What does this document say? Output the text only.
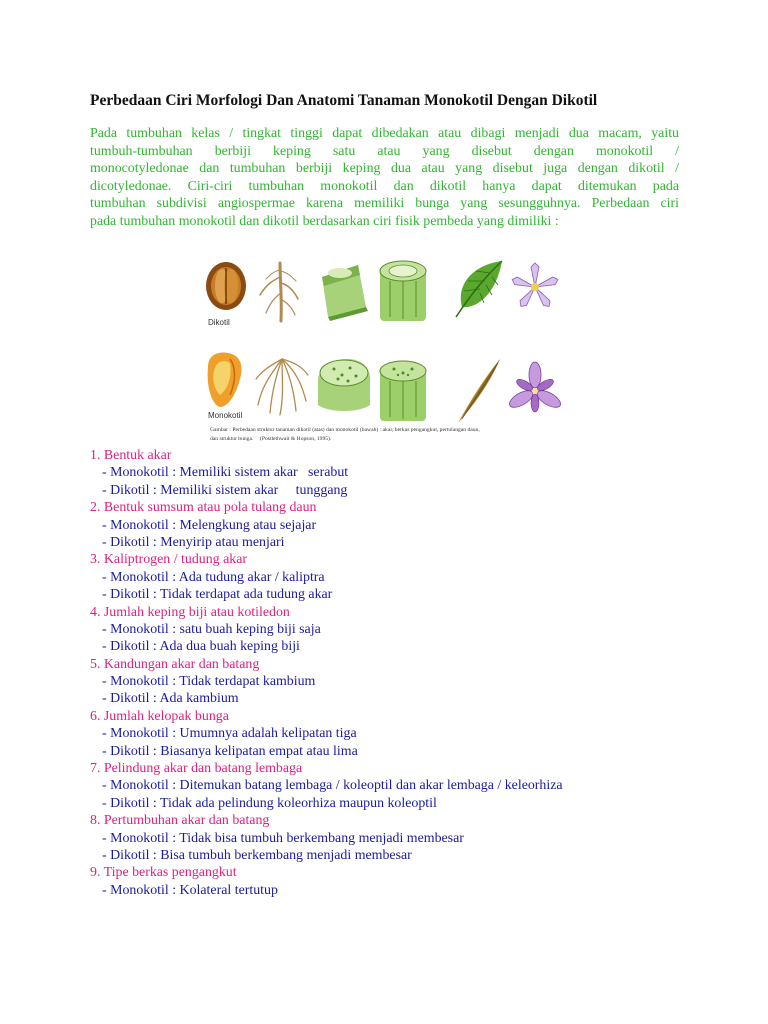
Perbedaan Ciri Morfologi Dan Anatomi Tanaman Monokotil Dengan Dikotil
Pada tumbuhan kelas / tingkat tinggi dapat dibedakan atau dibagi menjadi dua macam, yaitu
tumbuh-tumbuhan berbiji keping satu atau yang disebut dengan monokotil /
monocotyledonae dan tumbuhan berbiji keping dua atau yang disebut juga dengan dikotil /
dicotyledonae. Ciri-ciri tumbuhan monokotil dan dikotil hanya dapat ditemukan pada
tumbuhan subdivisi angiospermae karena memiliki bunga yang sesungguhnya. Perbedaan ciri
pada tumbuhan monokotil dan dikotil berdasarkan ciri fisik pembeda yang dimiliki :
Dikotil
Monokotil
Gambar : Perbedaan struktur tanaman dikotil (atas) dan monokotil (bawah) : akar, berkas pengangkut, pertulangan daun,
dan struktur bunga. (Postlethwait & Hopson, 1995).
1. Bentuk akar
- Monokotil : Memiliki sistem akar   serabut
- Dikotil : Memiliki sistem akar     tunggang
2. Bentuk sumsum atau pola tulang daun
- Monokotil : Melengkung atau sejajar
- Dikotil : Menyirip atau menjari
3. Kaliptrogen / tudung akar
- Monokotil : Ada tudung akar / kaliptra
- Dikotil : Tidak terdapat ada tudung akar
4. Jumlah keping biji atau kotiledon
- Monokotil : satu buah keping biji saja
- Dikotil : Ada dua buah keping biji
5. Kandungan akar dan batang
- Monokotil : Tidak terdapat kambium
- Dikotil : Ada kambium
6. Jumlah kelopak bunga
- Monokotil : Umumnya adalah kelipatan tiga
- Dikotil : Biasanya kelipatan empat atau lima
7. Pelindung akar dan batang lembaga
- Monokotil : Ditemukan batang lembaga / koleoptil dan akar lembaga / keleorhiza
- Dikotil : Tidak ada pelindung koleorhiza maupun koleoptil
8. Pertumbuhan akar dan batang
- Monokotil : Tidak bisa tumbuh berkembang menjadi membesar
- Dikotil : Bisa tumbuh berkembang menjadi membesar
9. Tipe berkas pengangkut
- Monokotil : Kolateral tertutup
